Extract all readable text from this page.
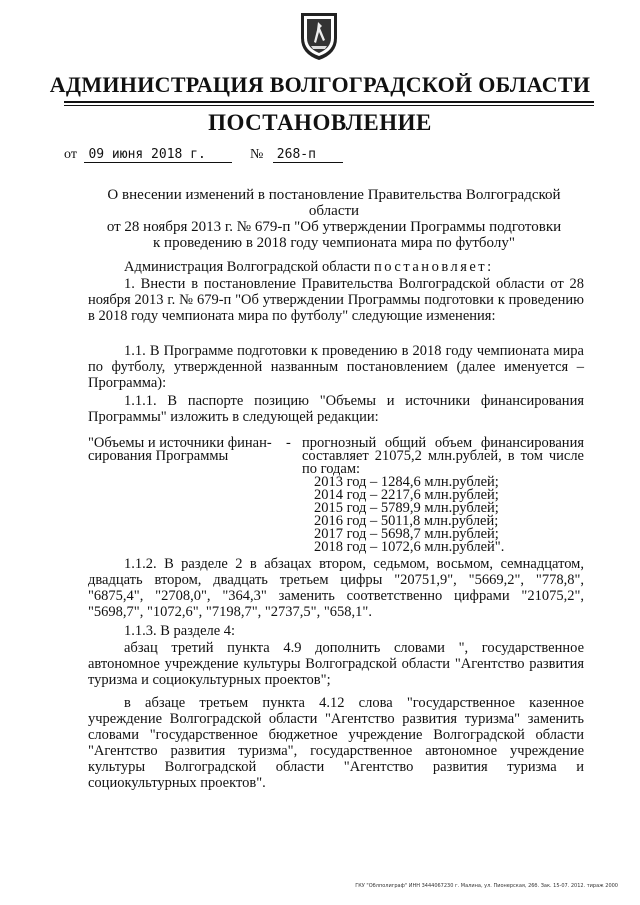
АДМИНИСТРАЦИЯ ВОЛГОГРАДСКОЙ ОБЛАСТИ
ПОСТАНОВЛЕНИЕ
от 09 июня 2018 г.	№ 268-п
О внесении изменений в постановление Правительства Волгоградской области
от 28 ноября 2013 г. № 679-п "Об утверждении Программы подготовки
к проведению в 2018 году чемпионата мира по футболу"

Администрация Волгоградской области постановляет:

1. Внести в постановление Правительства Волгоградской области от 28 ноября 2013 г. № 679-п "Об утверждении Программы подготовки к проведению в 2018 году чемпионата мира по футболу" следующие изменения:

1.1. В Программе подготовки к проведению в 2018 году чемпионата мира по футболу, утвержденной названным постановлением (далее именуется – Программа):

1.1.1. В паспорте позицию "Объемы и источники финансирования Программы" изложить в следующей редакции:

"Объемы и источники финан-сирования Программы
- прогнозный общий объем финансирования составляет 21075,2 млн.рублей, в том числе по годам:
2013 год – 1284,6 млн.рублей;
2014 год – 2217,6 млн.рублей;
2015 год – 5789,9 млн.рублей;
2016 год – 5011,8 млн.рублей;
2017 год – 5698,7 млн.рублей;
2018 год – 1072,6 млн.рублей".

1.1.2. В разделе 2 в абзацах втором, седьмом, восьмом, семнадцатом, двадцать втором, двадцать третьем цифры "20751,9", "5669,2", "778,8", "6875,4", "2708,0", "364,3" заменить соответственно цифрами "21075,2", "5698,7", "1072,6", "7198,7", "2737,5", "658,1".

1.1.3. В разделе 4:

абзац третий пункта 4.9 дополнить словами ", государственное автономное учреждение культуры Волгоградской области "Агентство развития туризма и социокультурных проектов";

в абзаце третьем пункта 4.12 слова "государственное казенное учреждение Волгоградской области "Агентство развития туризма" заменить словами "государственное бюджетное учреждение Волгоградской области "Агентство развития туризма", государственное автономное учреждение культуры Волгоградской области "Агентство развития туризма и социокультурных проектов".

ГКУ "Облполиграф" ИНН 3444067230 г. Малина, ул. Пионерская, 26б. Зак. 15-07. 2012. тираж 2000
